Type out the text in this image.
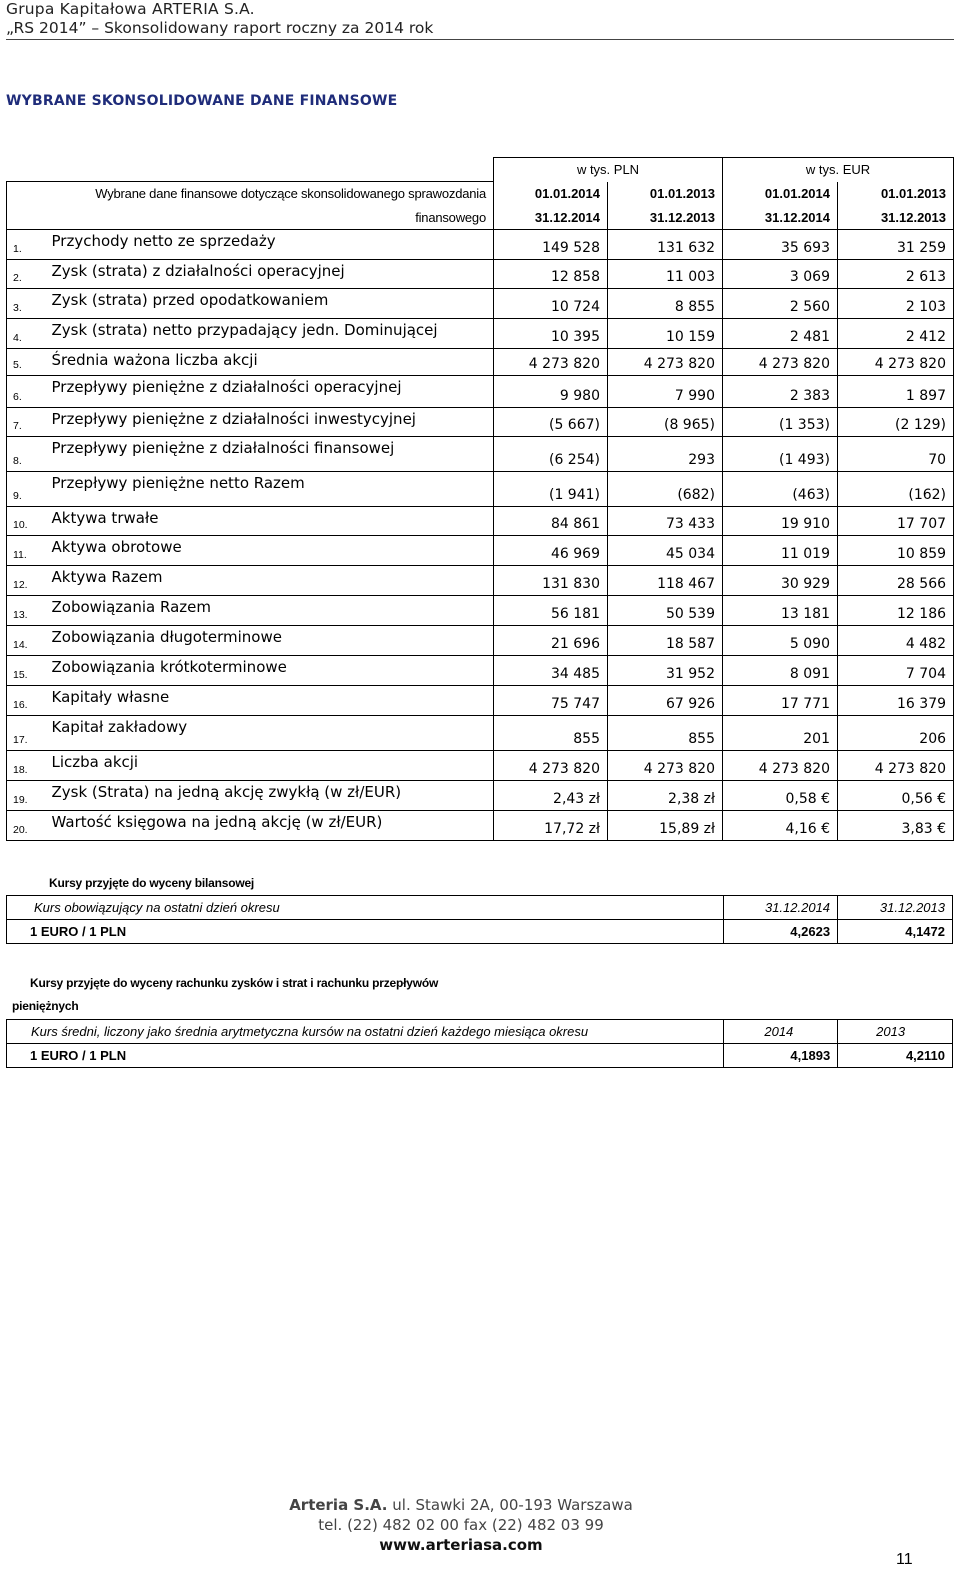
Grupa Kapitałowa ARTERIA S.A.
„RS 2014” – Skonsolidowany raport roczny za 2014 rok
WYBRANE SKONSOLIDOWANE DANE FINANSOWE
		w tys. PLN		w tys. EUR	
Wybrane dane finansowe dotyczące skonsolidowanego sprawozdania		01.01.2014	01.01.2013	01.01.2014	01.01.2013
finansowego		31.12.2014	31.12.2013	31.12.2014	31.12.2013
1.	Przychody netto ze sprzedaży	149 528	131 632	35 693	31 259
2.	Zysk (strata) z działalności operacyjnej	12 858	11 003	3 069	2 613
3.	Zysk (strata) przed opodatkowaniem	10 724	8 855	2 560	2 103
4.	Zysk (strata) netto przypadający jedn. Dominującej	10 395	10 159	2 481	2 412
5.	Średnia ważona liczba akcji	4 273 820	4 273 820	4 273 820	4 273 820
6.	Przepływy pieniężne z działalności operacyjnej	9 980	7 990	2 383	1 897
7.	Przepływy pieniężne z działalności inwestycyjnej	(5 667)	(8 965)	(1 353)	(2 129)
8.	Przepływy pieniężne z działalności finansowej	(6 254)	293	(1 493)	70
9.	Przepływy pieniężne netto Razem	(1 941)	(682)	(463)	(162)
10.	Aktywa trwałe	84 861	73 433	19 910	17 707
11.	Aktywa obrotowe	46 969	45 034	11 019	10 859
12.	Aktywa Razem	131 830	118 467	30 929	28 566
13.	Zobowiązania Razem	56 181	50 539	13 181	12 186
14.	Zobowiązania długoterminowe	21 696	18 587	5 090	4 482
15.	Zobowiązania krótkoterminowe	34 485	31 952	8 091	7 704
16.	Kapitały własne	75 747	67 926	17 771	16 379
17.	Kapitał zakładowy	855	855	201	206
18.	Liczba akcji	4 273 820	4 273 820	4 273 820	4 273 820
19.	Zysk (Strata) na jedną akcję zwykłą (w zł/EUR)	2,43 zł	2,38 zł	0,58 €	0,56 €
20.	Wartość księgowa na jedną akcję (w zł/EUR)	17,72 zł	15,89 zł	4,16 €	3,83 €
Kursy przyjęte do wyceny bilansowej
Kurs obowiązujący na ostatni dzień okresu	31.12.2014	31.12.2013
1 EURO / 1 PLN	4,2623	4,1472
Kursy przyjęte do wyceny rachunku zysków i strat i rachunku przepływów
pieniężnych
Kurs średni, liczony jako średnia arytmetyczna kursów na ostatni dzień każdego miesiąca okresu	2014	2013
1 EURO / 1 PLN	4,1893	4,2110
Arteria S.A. ul. Stawki 2A, 00-193 Warszawa
tel. (22) 482 02 00 fax (22) 482 03 99
www.arteriasa.com
11
